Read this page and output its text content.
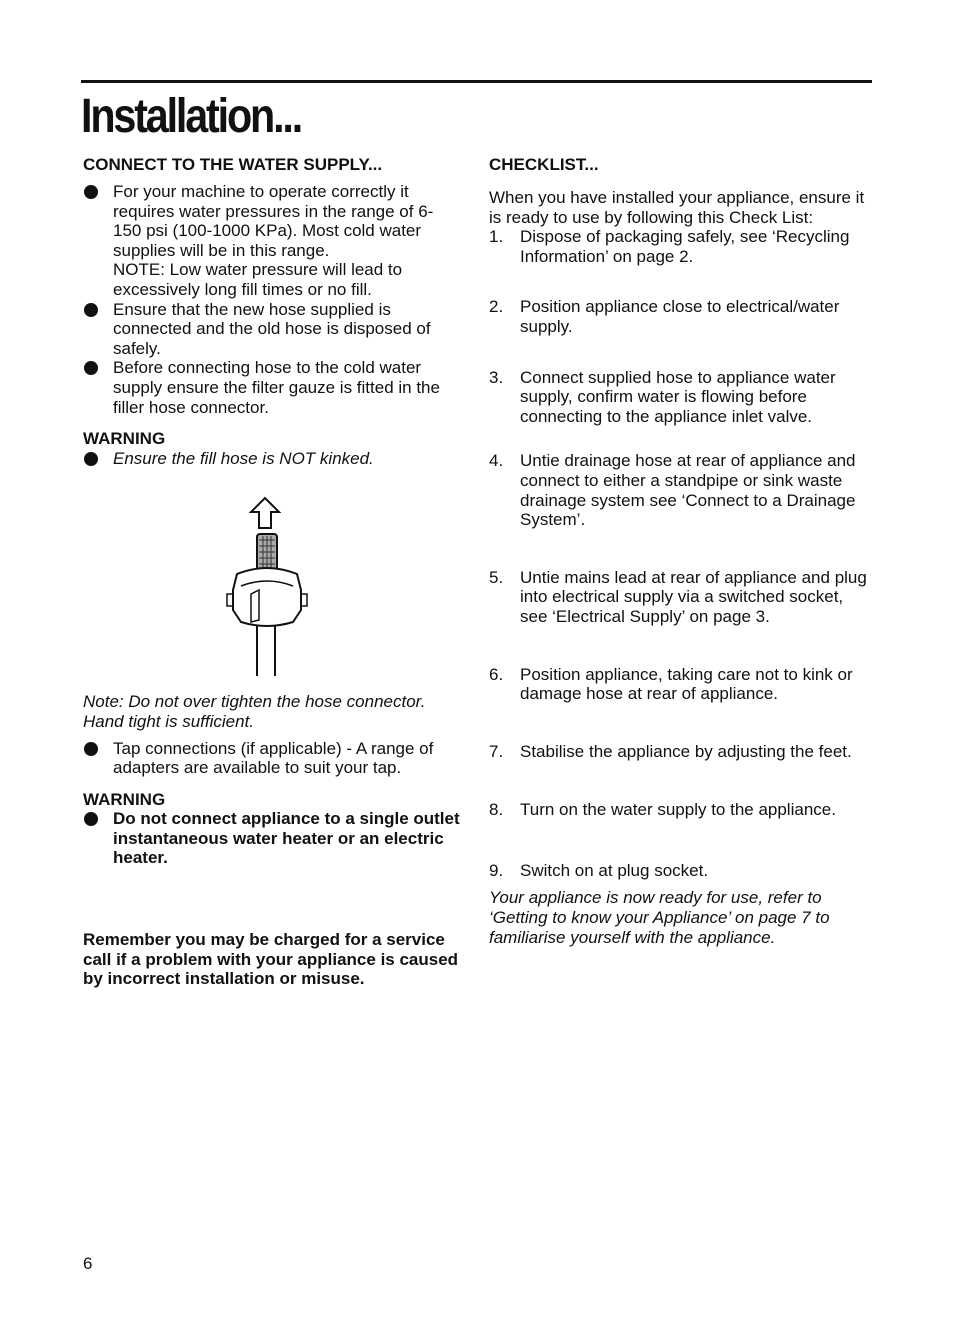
Installation...
CONNECT TO THE WATER SUPPLY...
For your machine to operate correctly it requires water pressures in the range of 6-150 psi (100-1000 KPa). Most cold water supplies will be in this range.
NOTE: Low water pressure will lead to excessively long fill times or no fill.
Ensure that the new hose supplied is connected and the old hose is disposed of safely.
Before connecting hose to the cold water supply ensure the filter gauze is fitted in the filler hose connector.
WARNING
Ensure the fill hose is NOT kinked.
Note: Do not over tighten the hose connector. Hand tight is sufficient.
Tap connections (if applicable) - A range of adapters are available to suit your tap.
WARNING
Do not connect appliance to a single outlet instantaneous water heater or an electric heater.
Remember you may be charged for a service call if a problem with your appliance is caused by incorrect installation or misuse.
CHECKLIST...
When you have installed your appliance, ensure it is ready to use by following this Check List:
1. Dispose of packaging safely, see ‘Recycling Information’ on page 2.
2. Position appliance close to electrical/water supply.
3. Connect supplied hose to appliance water supply, confirm water is flowing before connecting to the appliance inlet valve.
4. Untie drainage hose at rear of appliance and connect to either a standpipe or sink waste drainage system see ‘Connect to a Drainage System’.
5. Untie mains lead at rear of appliance and plug into electrical supply via a switched socket, see ‘Electrical Supply’ on page 3.
6. Position appliance, taking care not to kink or damage hose at rear of appliance.
7. Stabilise the appliance by adjusting the feet.
8. Turn on the water supply to the appliance.
9. Switch on at plug socket.
Your appliance is now ready for use, refer to ‘Getting to know your Appliance’ on page 7 to familiarise yourself with the appliance.
6
